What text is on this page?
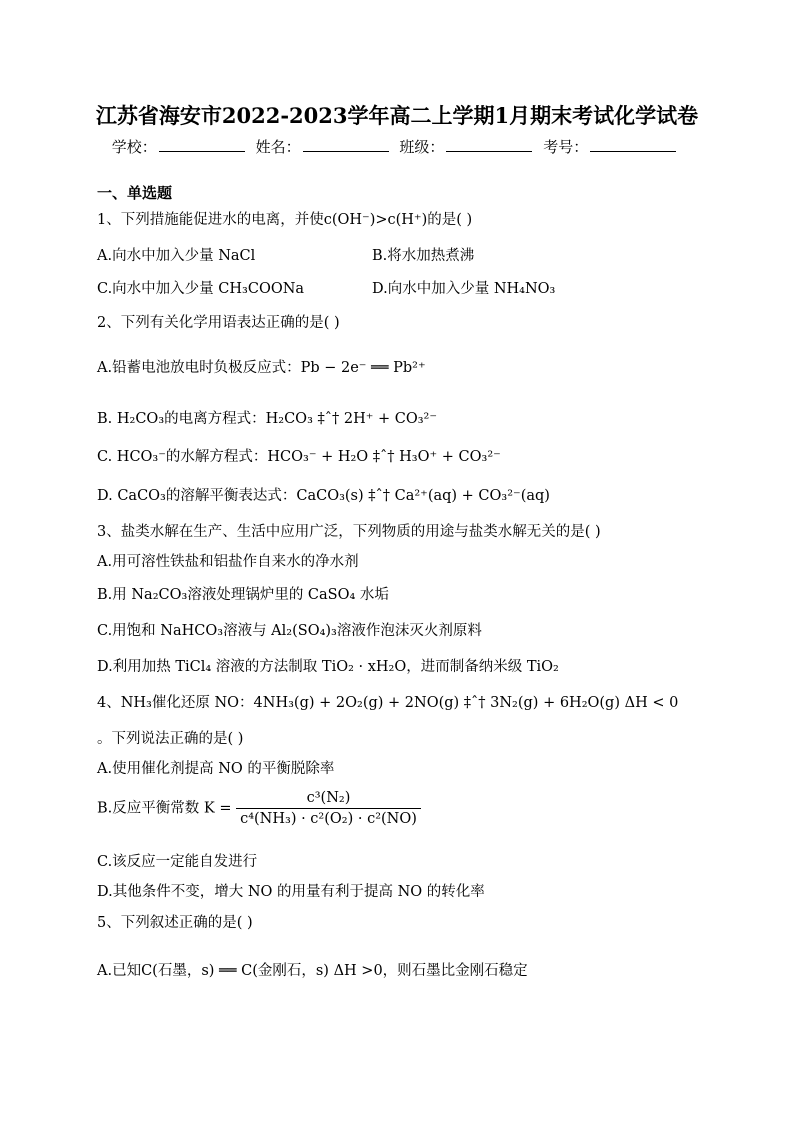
江苏省海安市2022-2023学年高二上学期1月期末考试化学试卷
学校：	姓名：	班级：	考号：
一、单选题
1、下列措施能促进水的电离，并使c(OH⁻)>c(H⁺)的是( )
A.向水中加入少量 NaCl	B.将水加热煮沸
C.向水中加入少量 CH₃COONa	D.向水中加入少量 NH₄NO₃
2、下列有关化学用语表达正确的是( )
A.铅蓄电池放电时负极反应式：Pb − 2e⁻ ══ Pb²⁺
B. H₂CO₃的电离方程式：H₂CO₃ ‡ˆ† 2H⁺ + CO₃²⁻
C. HCO₃⁻的水解方程式：HCO₃⁻ + H₂O ‡ˆ† H₃O⁺ + CO₃²⁻
D. CaCO₃的溶解平衡表达式：CaCO₃(s) ‡ˆ† Ca²⁺(aq) + CO₃²⁻(aq)
3、盐类水解在生产、生活中应用广泛，下列物质的用途与盐类水解无关的是( )
A.用可溶性铁盐和铝盐作自来水的净水剂
B.用 Na₂CO₃溶液处理锅炉里的 CaSO₄ 水垢
C.用饱和 NaHCO₃溶液与 Al₂(SO₄)₃溶液作泡沫灭火剂原料
D.利用加热 TiCl₄ 溶液的方法制取 TiO₂ · xH₂O，进而制备纳米级 TiO₂
4、NH₃催化还原 NO：4NH₃(g) + 2O₂(g) + 2NO(g) ‡ˆ† 3N₂(g) + 6H₂O(g) ΔH < 0
。下列说法正确的是( )
A.使用催化剂提高 NO 的平衡脱除率
B.反应平衡常数 $K = \frac{\text{c³(N₂)}}{\text{c⁴(NH₃) · c²(O₂) · c²(NO)}}$
C.该反应一定能自发进行
D.其他条件不变，增大 NO 的用量有利于提高 NO 的转化率
5、下列叙述正确的是( )
A.已知C(石墨，s) ══ C(金刚石，s) ΔH >0，则石墨比金刚石稳定
